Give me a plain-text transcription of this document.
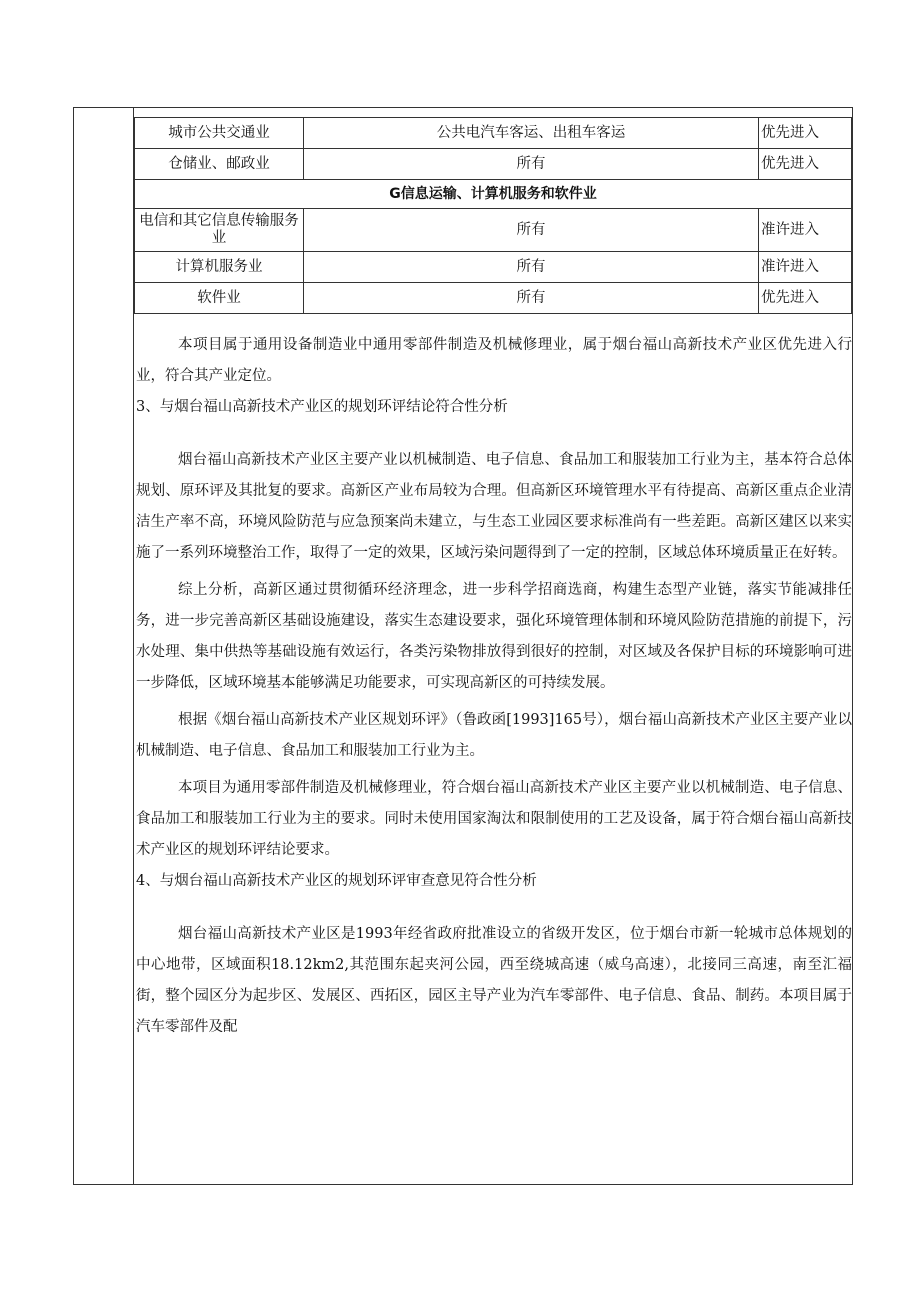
城市公共交通业	公共电汽车客运、出租车客运	优先进入
仓储业、邮政业	所有	优先进入
G信息运输、计算机服务和软件业		
电信和其它信息传输服务业	所有	准许进入
计算机服务业	所有	准许进入
软件业	所有	优先进入

本项目属于通用设备制造业中通用零部件制造及机械修理业，属于烟台福山高新技术产业区优先进入行业，符合其产业定位。

3、与烟台福山高新技术产业区的规划环评结论符合性分析

烟台福山高新技术产业区主要产业以机械制造、电子信息、食品加工和服装加工行业为主，基本符合总体规划、原环评及其批复的要求。高新区产业布局较为合理。但高新区环境管理水平有待提高、高新区重点企业清洁生产率不高，环境风险防范与应急预案尚未建立，与生态工业园区要求标准尚有一些差距。高新区建区以来实施了一系列环境整治工作，取得了一定的效果，区域污染问题得到了一定的控制，区域总体环境质量正在好转。

综上分析，高新区通过贯彻循环经济理念，进一步科学招商选商，构建生态型产业链，落实节能减排任务，进一步完善高新区基础设施建设，落实生态建设要求，强化环境管理体制和环境风险防范措施的前提下，污水处理、集中供热等基础设施有效运行，各类污染物排放得到很好的控制，对区域及各保护目标的环境影响可进一步降低，区域环境基本能够满足功能要求，可实现高新区的可持续发展。

根据《烟台福山高新技术产业区规划环评》（鲁政函[1993]165号），烟台福山高新技术产业区主要产业以机械制造、电子信息、食品加工和服装加工行业为主。

本项目为通用零部件制造及机械修理业，符合烟台福山高新技术产业区主要产业以机械制造、电子信息、食品加工和服装加工行业为主的要求。同时未使用国家淘汰和限制使用的工艺及设备，属于符合烟台福山高新技术产业区的规划环评结论要求。

4、与烟台福山高新技术产业区的规划环评审查意见符合性分析

烟台福山高新技术产业区是1993年经省政府批准设立的省级开发区，位于烟台市新一轮城市总体规划的中心地带，区域面积18.12km2,其范围东起夹河公园，西至绕城高速（威乌高速），北接同三高速，南至汇福街，整个园区分为起步区、发展区、西拓区，园区主导产业为汽车零部件、电子信息、食品、制药。本项目属于汽车零部件及配
